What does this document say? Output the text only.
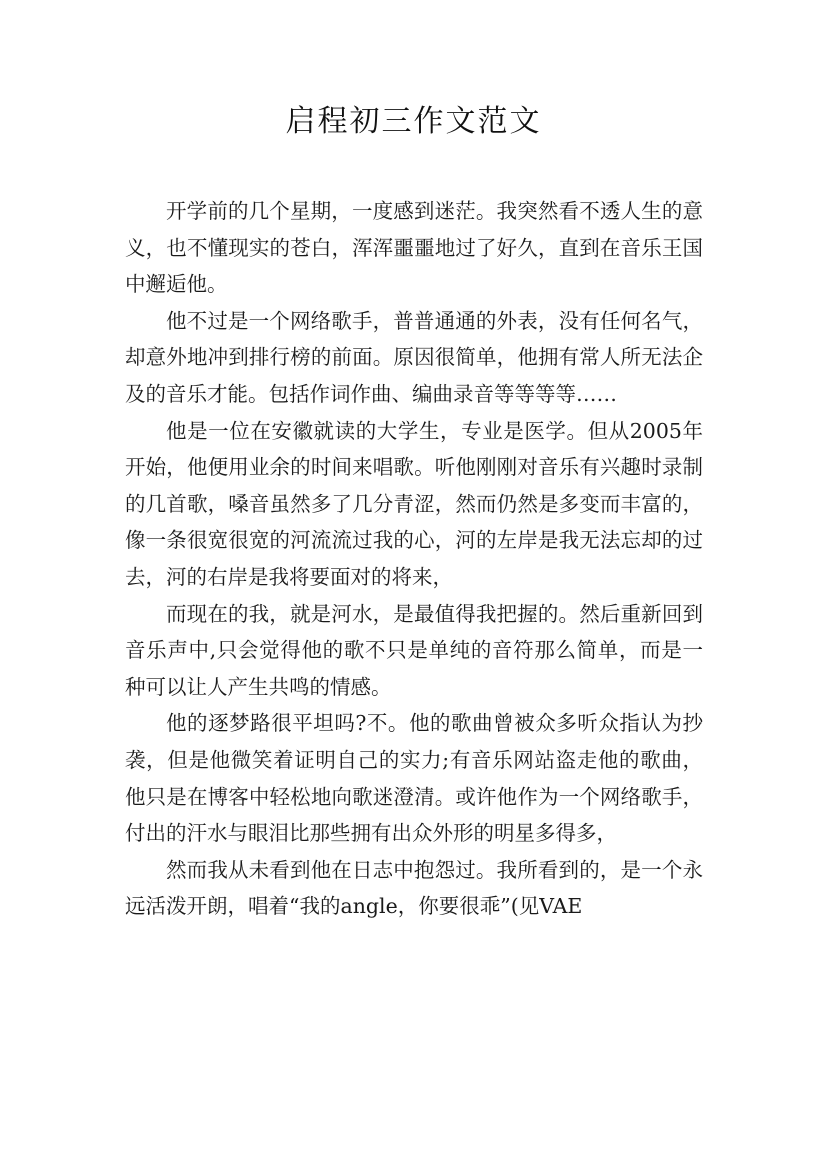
启程初三作文范文

开学前的几个星期，一度感到迷茫。我突然看不透人生的意义，也不懂现实的苍白，浑浑噩噩地过了好久，直到在音乐王国中邂逅他。

他不过是一个网络歌手，普普通通的外表，没有任何名气，却意外地冲到排行榜的前面。原因很简单，他拥有常人所无法企及的音乐才能。包括作词作曲、编曲录音等等等等……

他是一位在安徽就读的大学生，专业是医学。但从2005年开始，他便用业余的时间来唱歌。听他刚刚对音乐有兴趣时录制的几首歌，嗓音虽然多了几分青涩，然而仍然是多变而丰富的，像一条很宽很宽的河流流过我的心，河的左岸是我无法忘却的过去，河的右岸是我将要面对的将来，

而现在的我，就是河水，是最值得我把握的。然后重新回到音乐声中,只会觉得他的歌不只是单纯的音符那么简单，而是一种可以让人产生共鸣的情感。

他的逐梦路很平坦吗?不。他的歌曲曾被众多听众指认为抄袭，但是他微笑着证明自己的实力;有音乐网站盗走他的歌曲，他只是在博客中轻松地向歌迷澄清。或许他作为一个网络歌手，付出的汗水与眼泪比那些拥有出众外形的明星多得多，

然而我从未看到他在日志中抱怨过。我所看到的，是一个永远活泼开朗，唱着“我的angle，你要很乖”(见VAE
